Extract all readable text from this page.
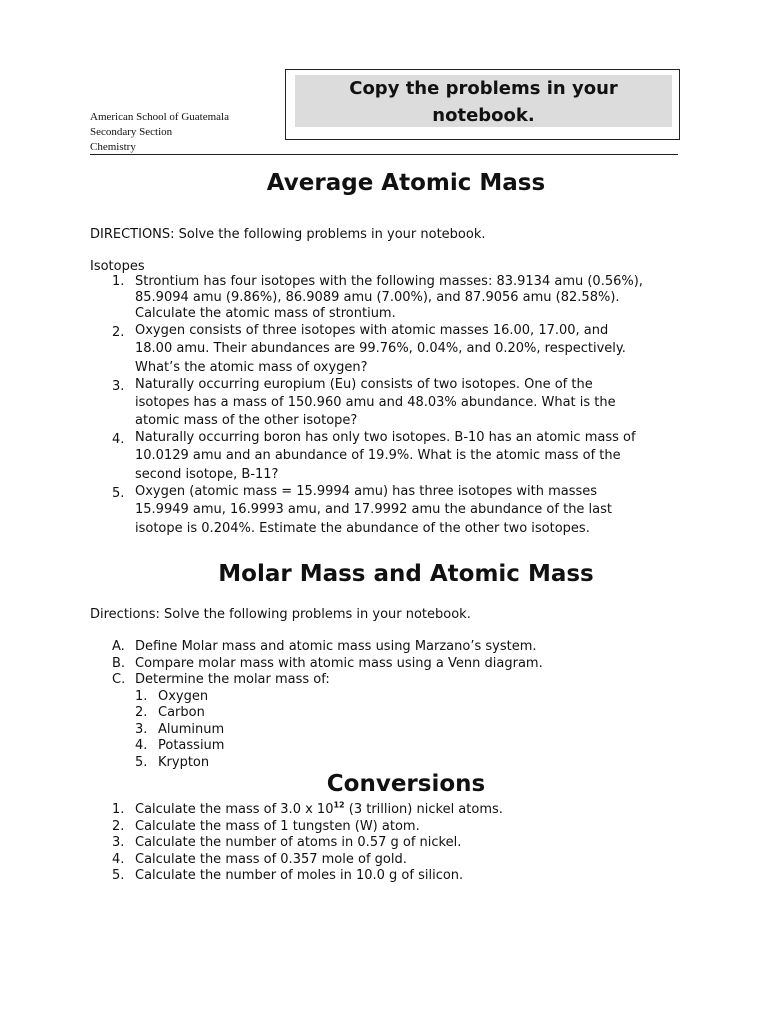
American School of Guatemala
Secondary Section
Chemistry
Copy the problems in your
notebook.
Average Atomic Mass
DIRECTIONS: Solve the following problems in your notebook.
Isotopes
1. Strontium has four isotopes with the following masses: 83.9134 amu (0.56%),
85.9094 amu (9.86%), 86.9089 amu (7.00%), and 87.9056 amu (82.58%).
Calculate the atomic mass of strontium.
2. Oxygen consists of three isotopes with atomic masses 16.00, 17.00, and
18.00 amu. Their abundances are 99.76%, 0.04%, and 0.20%, respectively.
What’s the atomic mass of oxygen?
3. Naturally occurring europium (Eu) consists of two isotopes. One of the
isotopes has a mass of 150.960 amu and 48.03% abundance. What is the
atomic mass of the other isotope?
4. Naturally occurring boron has only two isotopes. B-10 has an atomic mass of
10.0129 amu and an abundance of 19.9%. What is the atomic mass of the
second isotope, B-11?
5. Oxygen (atomic mass = 15.9994 amu) has three isotopes with masses
15.9949 amu, 16.9993 amu, and 17.9992 amu the abundance of the last
isotope is 0.204%. Estimate the abundance of the other two isotopes.
Molar Mass and Atomic Mass
Directions: Solve the following problems in your notebook.
A. Define Molar mass and atomic mass using Marzano’s system.
B. Compare molar mass with atomic mass using a Venn diagram.
C. Determine the molar mass of:
1. Oxygen
2. Carbon
3. Aluminum
4. Potassium
5. Krypton
Conversions
1. Calculate the mass of 3.0 x $10^{12}$ (3 trillion) nickel atoms.
2. Calculate the mass of 1 tungsten (W) atom.
3. Calculate the number of atoms in 0.57 g of nickel.
4. Calculate the mass of 0.357 mole of gold.
5. Calculate the number of moles in 10.0 g of silicon.
